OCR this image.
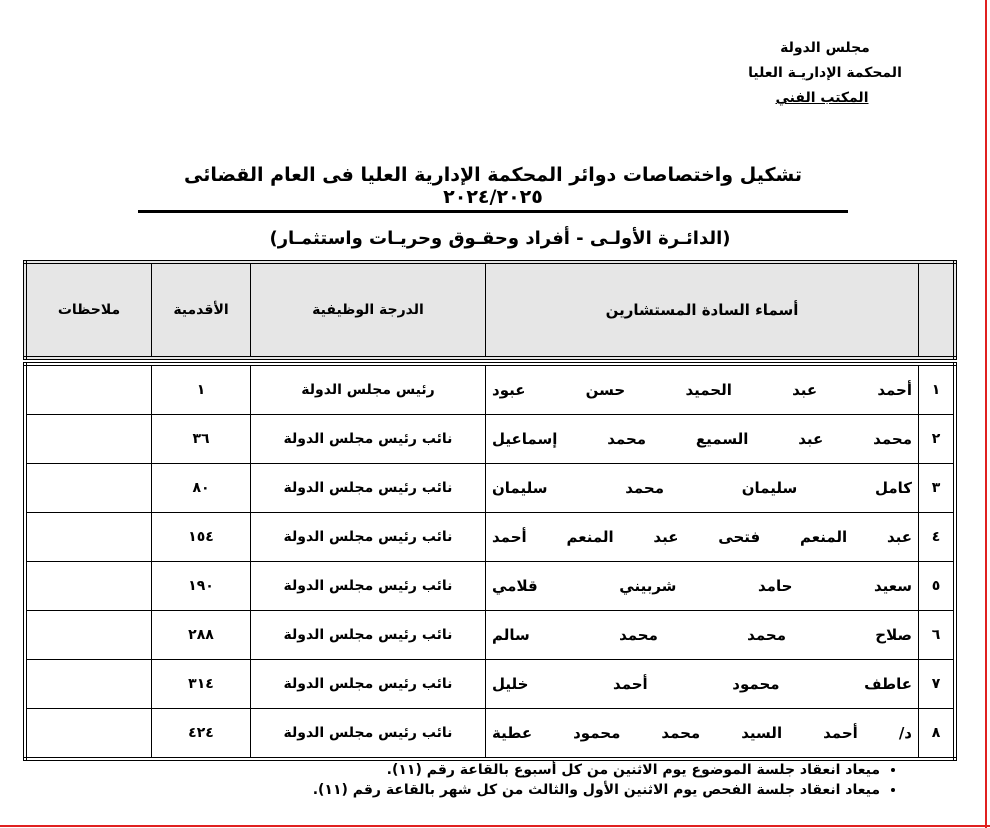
مجلس الدولة
المحكمة الإداريـة العليا
المكتب الفني
تشكيل واختصاصات دوائر المحكمة الإدارية العليا فى العام القضائى ٢٠٢٤/٢٠٢٥
(الدائـرة الأولـى - أفراد وحقـوق وحريـات واستثمـار)
	أسماء السادة المستشارين	الدرجة الوظيفية	الأقدمية	ملاحظات
١	أحمد عبد الحميد حسن عبود	رئيس مجلس الدولة	١	
٢	محمد عبد السميع محمد إسماعيل	نائب رئيس مجلس الدولة	٣٦	
٣	كامل سليمان محمد سليمان	نائب رئيس مجلس الدولة	٨٠	
٤	عبد المنعم فتحى عبد المنعم أحمد	نائب رئيس مجلس الدولة	١٥٤	
٥	سعيد حامد شربيني قلامي	نائب رئيس مجلس الدولة	١٩٠	
٦	صلاح محمد محمد سالم	نائب رئيس مجلس الدولة	٢٨٨	
٧	عاطف محمود أحمد خليل	نائب رئيس مجلس الدولة	٣١٤	
٨	د/ أحمد السيد محمد محمود عطية	نائب رئيس مجلس الدولة	٤٢٤	
• ميعاد انعقاد جلسة الموضوع يوم الاثنين من كل أسبوع بالقاعة رقم (١١).
• ميعاد انعقاد جلسة الفحص يوم الاثنين الأول والثالث من كل شهر بالقاعة رقم (١١).
